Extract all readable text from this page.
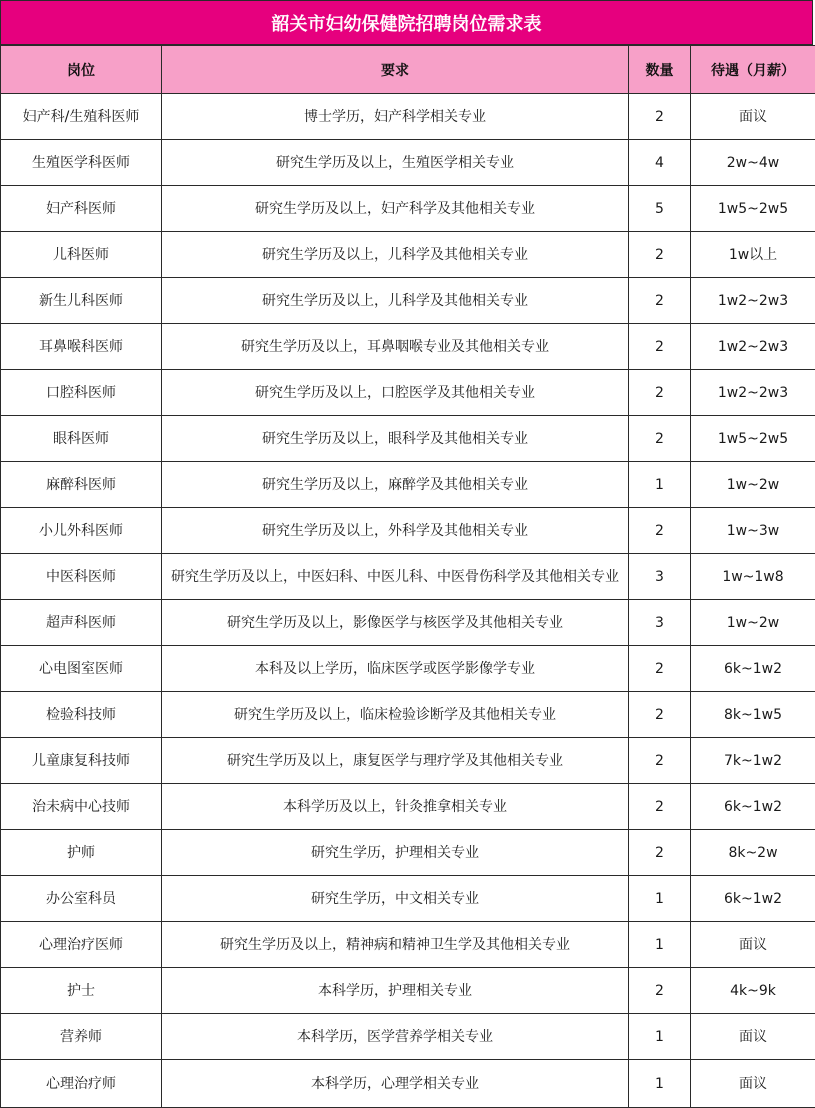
韶关市妇幼保健院招聘岗位需求表
岗位	要求	数量	待遇（月薪）
妇产科/生殖科医师	博士学历，妇产科学相关专业	2	面议
生殖医学科医师	研究生学历及以上，生殖医学相关专业	4	2w~4w
妇产科医师	研究生学历及以上，妇产科学及其他相关专业	5	1w5~2w5
儿科医师	研究生学历及以上，儿科学及其他相关专业	2	1w以上
新生儿科医师	研究生学历及以上，儿科学及其他相关专业	2	1w2~2w3
耳鼻喉科医师	研究生学历及以上，耳鼻咽喉专业及其他相关专业	2	1w2~2w3
口腔科医师	研究生学历及以上，口腔医学及其他相关专业	2	1w2~2w3
眼科医师	研究生学历及以上，眼科学及其他相关专业	2	1w5~2w5
麻醉科医师	研究生学历及以上，麻醉学及其他相关专业	1	1w~2w
小儿外科医师	研究生学历及以上，外科学及其他相关专业	2	1w~3w
中医科医师	研究生学历及以上，中医妇科、中医儿科、中医骨伤科学及其他相关专业	3	1w~1w8
超声科医师	研究生学历及以上，影像医学与核医学及其他相关专业	3	1w~2w
心电图室医师	本科及以上学历，临床医学或医学影像学专业	2	6k~1w2
检验科技师	研究生学历及以上，临床检验诊断学及其他相关专业	2	8k~1w5
儿童康复科技师	研究生学历及以上，康复医学与理疗学及其他相关专业	2	7k~1w2
治未病中心技师	本科学历及以上，针灸推拿相关专业	2	6k~1w2
护师	研究生学历，护理相关专业	2	8k~2w
办公室科员	研究生学历，中文相关专业	1	6k~1w2
心理治疗医师	研究生学历及以上，精神病和精神卫生学及其他相关专业	1	面议
护士	本科学历，护理相关专业	2	4k~9k
营养师	本科学历，医学营养学相关专业	1	面议
心理治疗师	本科学历，心理学相关专业	1	面议
